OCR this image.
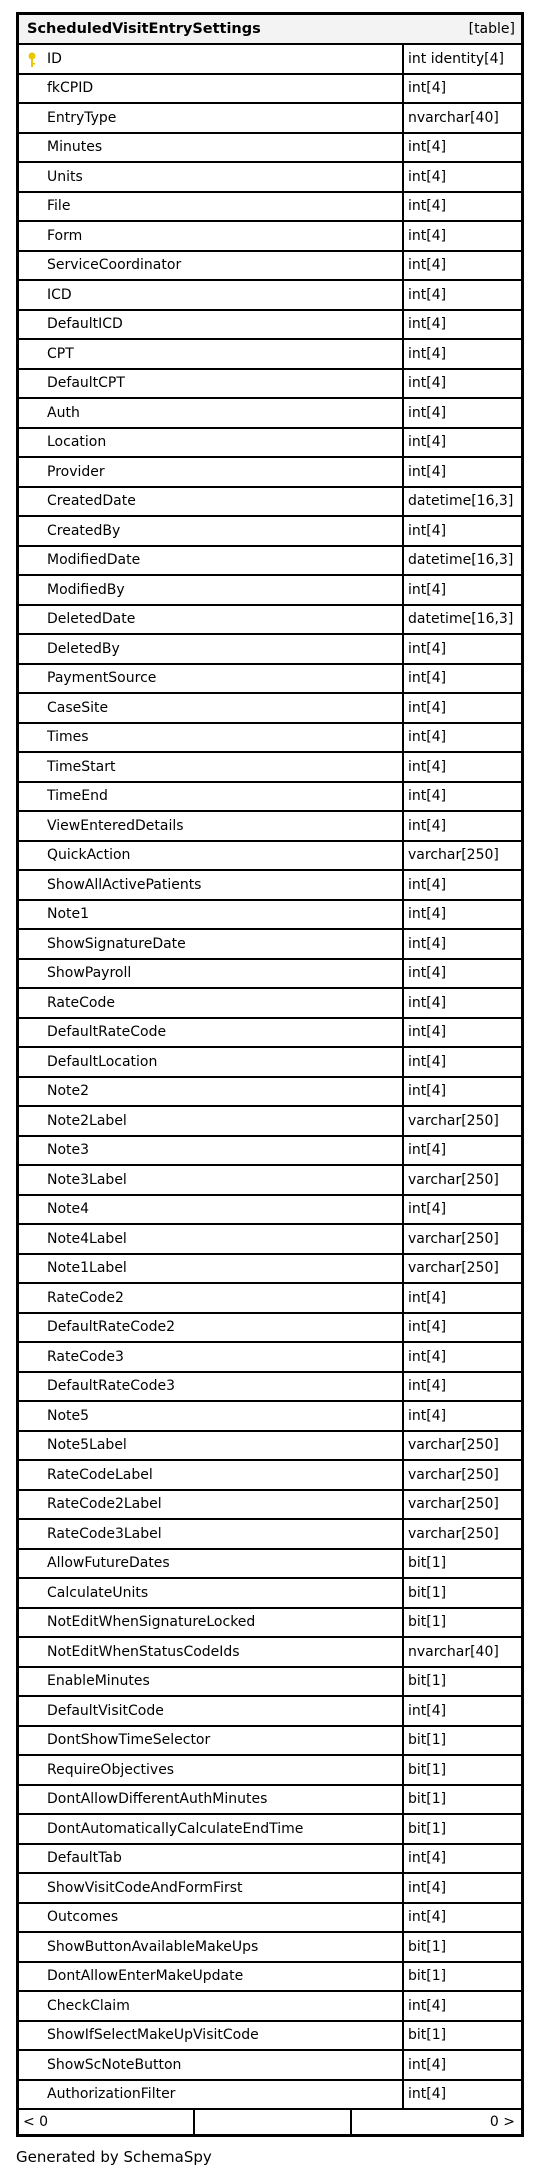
ScheduledVisitEntrySettings	[table]
ID	int identity[4]
fkCPID	int[4]
EntryType	nvarchar[40]
Minutes	int[4]
Units	int[4]
File	int[4]
Form	int[4]
ServiceCoordinator	int[4]
ICD	int[4]
DefaultICD	int[4]
CPT	int[4]
DefaultCPT	int[4]
Auth	int[4]
Location	int[4]
Provider	int[4]
CreatedDate	datetime[16,3]
CreatedBy	int[4]
ModifiedDate	datetime[16,3]
ModifiedBy	int[4]
DeletedDate	datetime[16,3]
DeletedBy	int[4]
PaymentSource	int[4]
CaseSite	int[4]
Times	int[4]
TimeStart	int[4]
TimeEnd	int[4]
ViewEnteredDetails	int[4]
QuickAction	varchar[250]
ShowAllActivePatients	int[4]
Note1	int[4]
ShowSignatureDate	int[4]
ShowPayroll	int[4]
RateCode	int[4]
DefaultRateCode	int[4]
DefaultLocation	int[4]
Note2	int[4]
Note2Label	varchar[250]
Note3	int[4]
Note3Label	varchar[250]
Note4	int[4]
Note4Label	varchar[250]
Note1Label	varchar[250]
RateCode2	int[4]
DefaultRateCode2	int[4]
RateCode3	int[4]
DefaultRateCode3	int[4]
Note5	int[4]
Note5Label	varchar[250]
RateCodeLabel	varchar[250]
RateCode2Label	varchar[250]
RateCode3Label	varchar[250]
AllowFutureDates	bit[1]
CalculateUnits	bit[1]
NotEditWhenSignatureLocked	bit[1]
NotEditWhenStatusCodeIds	nvarchar[40]
EnableMinutes	bit[1]
DefaultVisitCode	int[4]
DontShowTimeSelector	bit[1]
RequireObjectives	bit[1]
DontAllowDifferentAuthMinutes	bit[1]
DontAutomaticallyCalculateEndTime	bit[1]
DefaultTab	int[4]
ShowVisitCodeAndFormFirst	int[4]
Outcomes	int[4]
ShowButtonAvailableMakeUps	bit[1]
DontAllowEnterMakeUpdate	bit[1]
CheckClaim	int[4]
ShowIfSelectMakeUpVisitCode	bit[1]
ShowScNoteButton	int[4]
AuthorizationFilter	int[4]
< 0	0 >
Generated by SchemaSpy
